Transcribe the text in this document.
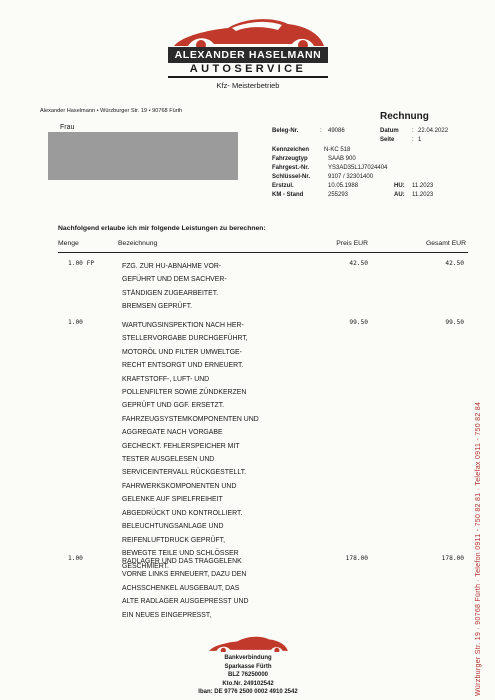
ALEXANDER HASELMANN
AUTOSERVICE
Kfz- Meisterbetrieb
Alexander Haselmann • Würzburger Str. 19 • 90768 Fürth
Frau
Rechnung
Beleg-Nr.	: 49086	Datum : 22.04.2022
Seite	: 1
Kennzeichen N-KC 518
Fahrzeugtyp	SAAB 900
Fahrgest.-Nr.	YS3AD35L1J7024404
Schlüssel-Nr.	9107 / 32301400
Erstzul.	10.05.1988
KM - Stand	255293
HU: 11.2023
AU: 11.2023
Nachfolgend erlaube ich mir folgende Leistungen zu berechnen:
Menge	Bezeichnung	Preis EUR	Gesamt EUR
1.00 FP	FZG. ZUR HU-ABNAHME VOR-
GEFÜHRT UND DEM SACHVER-
STÄNDIGEN ZUGEARBEITET.
BREMSEN GEPRÜFT.
42.50	42.50
1.00	WARTUNGSINSPEKTION NACH HER-
STELLERVORGABE DURCHGEFÜHRT,
MOTORÖL UND FILTER UMWELTGE-
RECHT ENTSORGT UND ERNEUERT.
KRAFTSTOFF-, LUFT- UND
POLLENFILTER SOWIE ZÜNDKERZEN
GEPRÜFT UND GGF. ERSETZT.
FAHRZEUGSYSTEMKOMPONENTEN UND
AGGREGATE NACH VORGABE
GECHECKT. FEHLERSPEICHER MIT
TESTER AUSGELESEN UND
SERVICEINTERVALL RÜCKGESTELLT.
FAHRWERKSKOMPONENTEN UND
GELENKE AUF SPIELFREIHEIT
ABGEDRÜCKT UND KONTROLLIERT.
BELEUCHTUNGSANLAGE UND
REIFENLUFTDRUCK GEPRÜFT,
BEWEGTE TEILE UND SCHLÖSSER
GESCHMIERT.
99.50	99.50
1.00	RADLAGER UND DAS TRAGGELENK
VORNE LINKS ERNEUERT, DAZU DEN
ACHSSCHENKEL AUSGEBAUT, DAS
ALTE RADLAGER AUSGEPRESST UND
EIN NEUES EINGEPRESST,
178.00	178.00
Bankverbindung
Sparkasse Fürth
BLZ 76250000
Kto.Nr. 249102542
Iban: DE 9776 2500 0002 4910 2542	Würzburger Str. 19 · 90768 Fürth · Telefon 0911 - 750 82 81 · Telefax 0911 - 750 82 84
